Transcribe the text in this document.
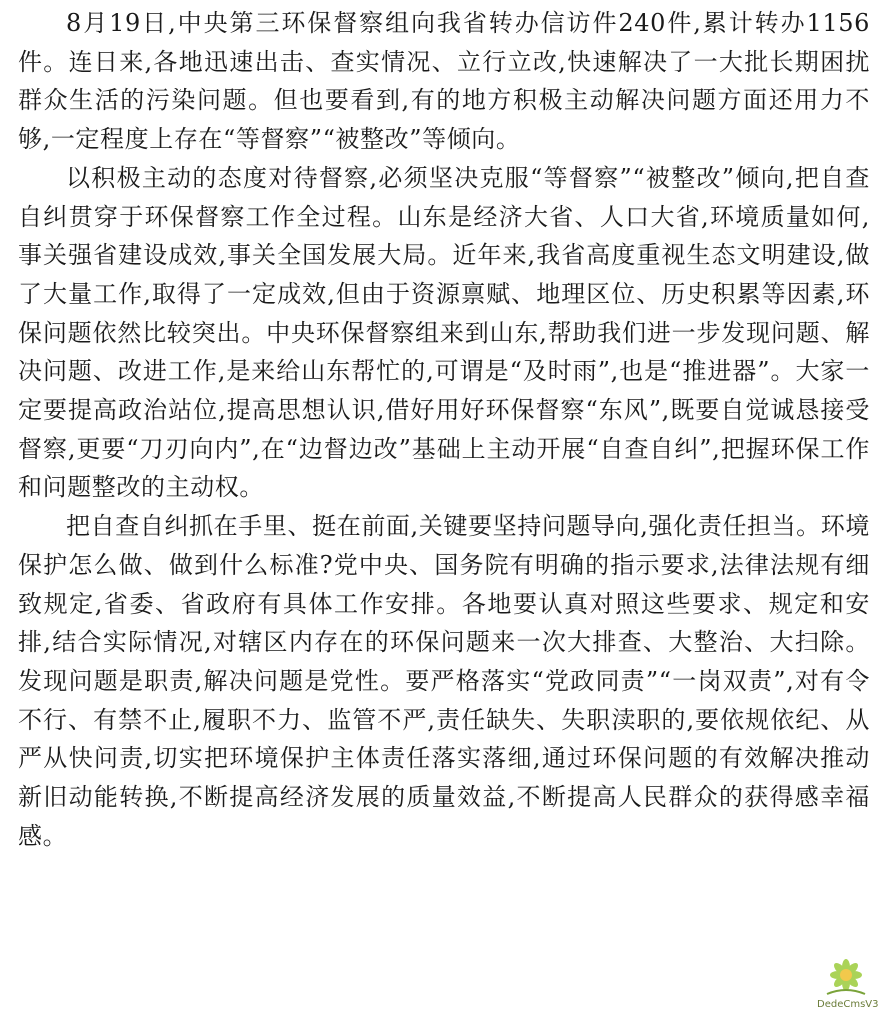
8月19日,中央第三环保督察组向我省转办信访件240件,累计转办1156件。连日来,各地迅速出击、查实情况、立行立改,快速解决了一大批长期困扰群众生活的污染问题。但也要看到,有的地方积极主动解决问题方面还用力不够,一定程度上存在“等督察”“被整改”等倾向。

以积极主动的态度对待督察,必须坚决克服“等督察”“被整改”倾向,把自查自纠贯穿于环保督察工作全过程。山东是经济大省、人口大省,环境质量如何,事关强省建设成效,事关全国发展大局。近年来,我省高度重视生态文明建设,做了大量工作,取得了一定成效,但由于资源禀赋、地理区位、历史积累等因素,环保问题依然比较突出。中央环保督察组来到山东,帮助我们进一步发现问题、解决问题、改进工作,是来给山东帮忙的,可谓是“及时雨”,也是“推进器”。大家一定要提高政治站位,提高思想认识,借好用好环保督察“东风”,既要自觉诚恳接受督察,更要“刀刃向内”,在“边督边改”基础上主动开展“自查自纠”,把握环保工作和问题整改的主动权。

把自查自纠抓在手里、挺在前面,关键要坚持问题导向,强化责任担当。环境保护怎么做、做到什么标准?党中央、国务院有明确的指示要求,法律法规有细致规定,省委、省政府有具体工作安排。各地要认真对照这些要求、规定和安排,结合实际情况,对辖区内存在的环保问题来一次大排查、大整治、大扫除。发现问题是职责,解决问题是党性。要严格落实“党政同责”“一岗双责”,对有令不行、有禁不止,履职不力、监管不严,责任缺失、失职渎职的,要依规依纪、从严从快问责,切实把环境保护主体责任落实落细,通过环保问题的有效解决推动新旧动能转换,不断提高经济发展的质量效益,不断提高人民群众的获得感幸福感。

DedeCmsV3
